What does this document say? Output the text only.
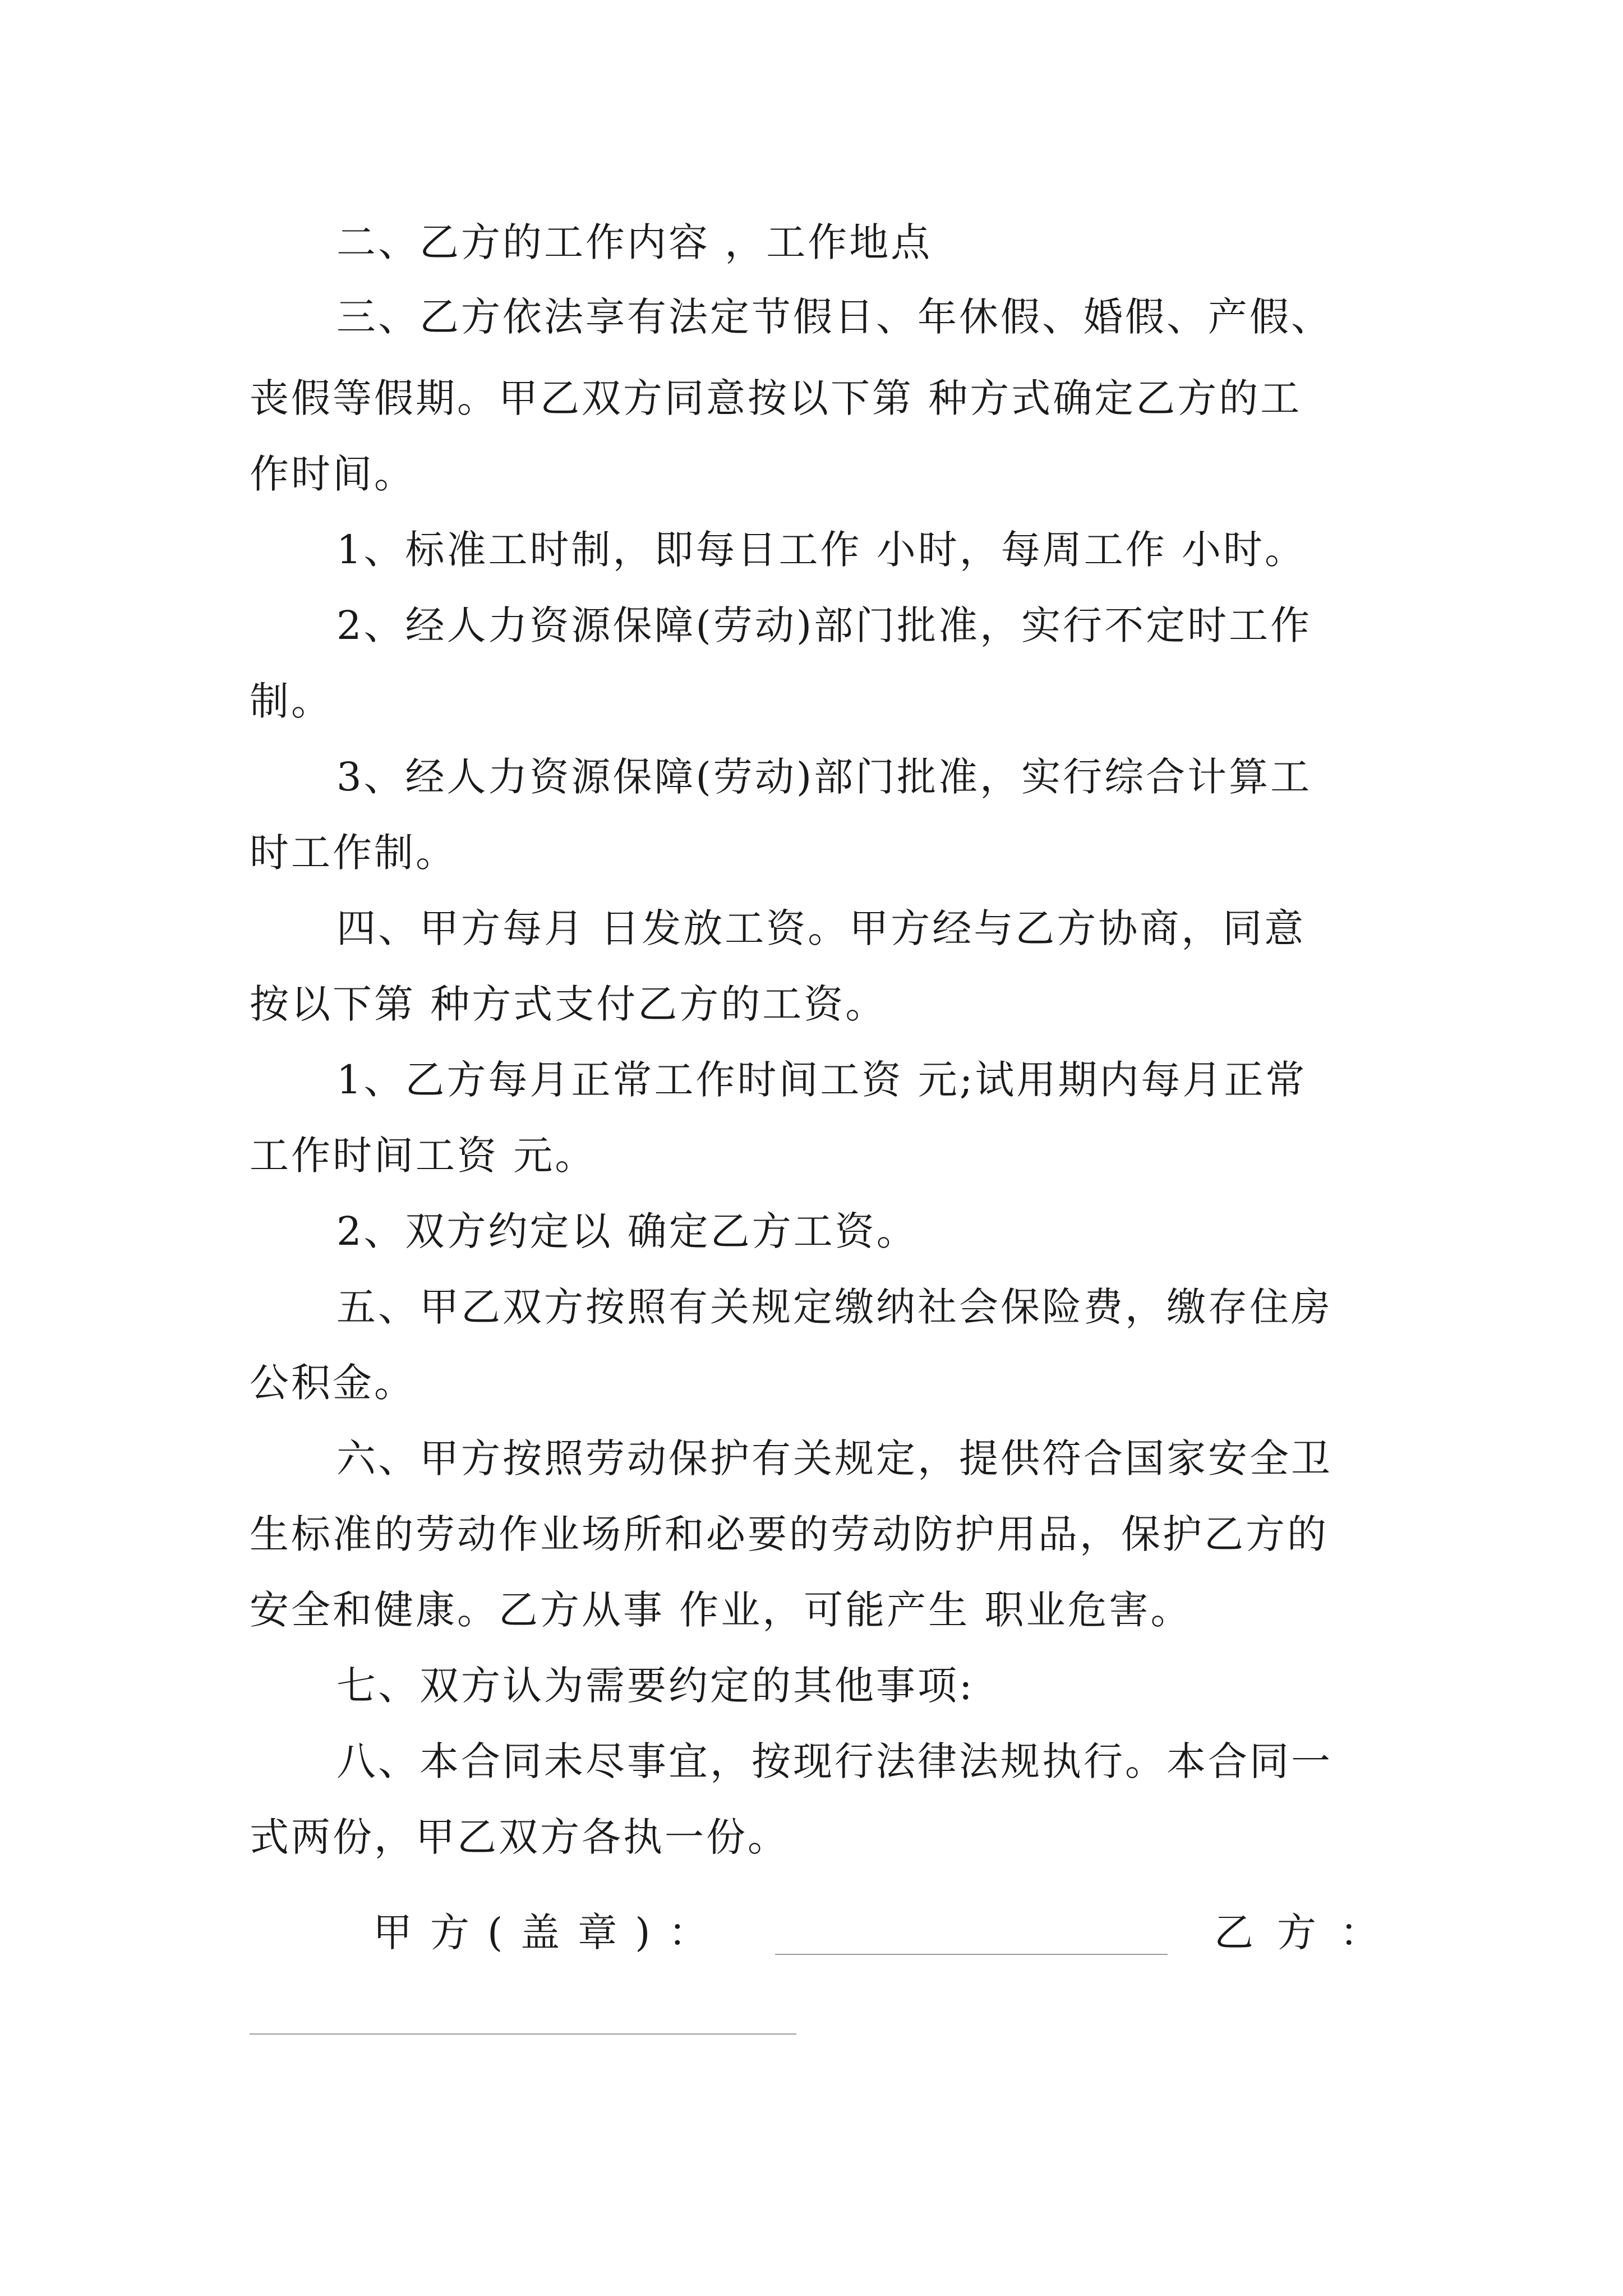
二、乙方的工作内容 ，工作地点
三、乙方依法享有法定节假日、年休假、婚假、产假、
丧假等假期。甲乙双方同意按以下第 种方式确定乙方的工
作时间。
1、标准工时制，即每日工作 小时，每周工作 小时。
2、经人力资源保障(劳动)部门批准，实行不定时工作
制。
3、经人力资源保障(劳动)部门批准，实行综合计算工
时工作制。
四、甲方每月 日发放工资。甲方经与乙方协商，同意
按以下第 种方式支付乙方的工资。
1、乙方每月正常工作时间工资 元;试用期内每月正常
工作时间工资 元。
2、双方约定以 确定乙方工资。
五、甲乙双方按照有关规定缴纳社会保险费，缴存住房
公积金。
六、甲方按照劳动保护有关规定，提供符合国家安全卫
生标准的劳动作业场所和必要的劳动防护用品，保护乙方的
安全和健康。乙方从事 作业，可能产生 职业危害。
七、双方认为需要约定的其他事项:
八、本合同未尽事宜，按现行法律法规执行。本合同一
式两份，甲乙双方各执一份。
甲方(盖章)：	乙方：
